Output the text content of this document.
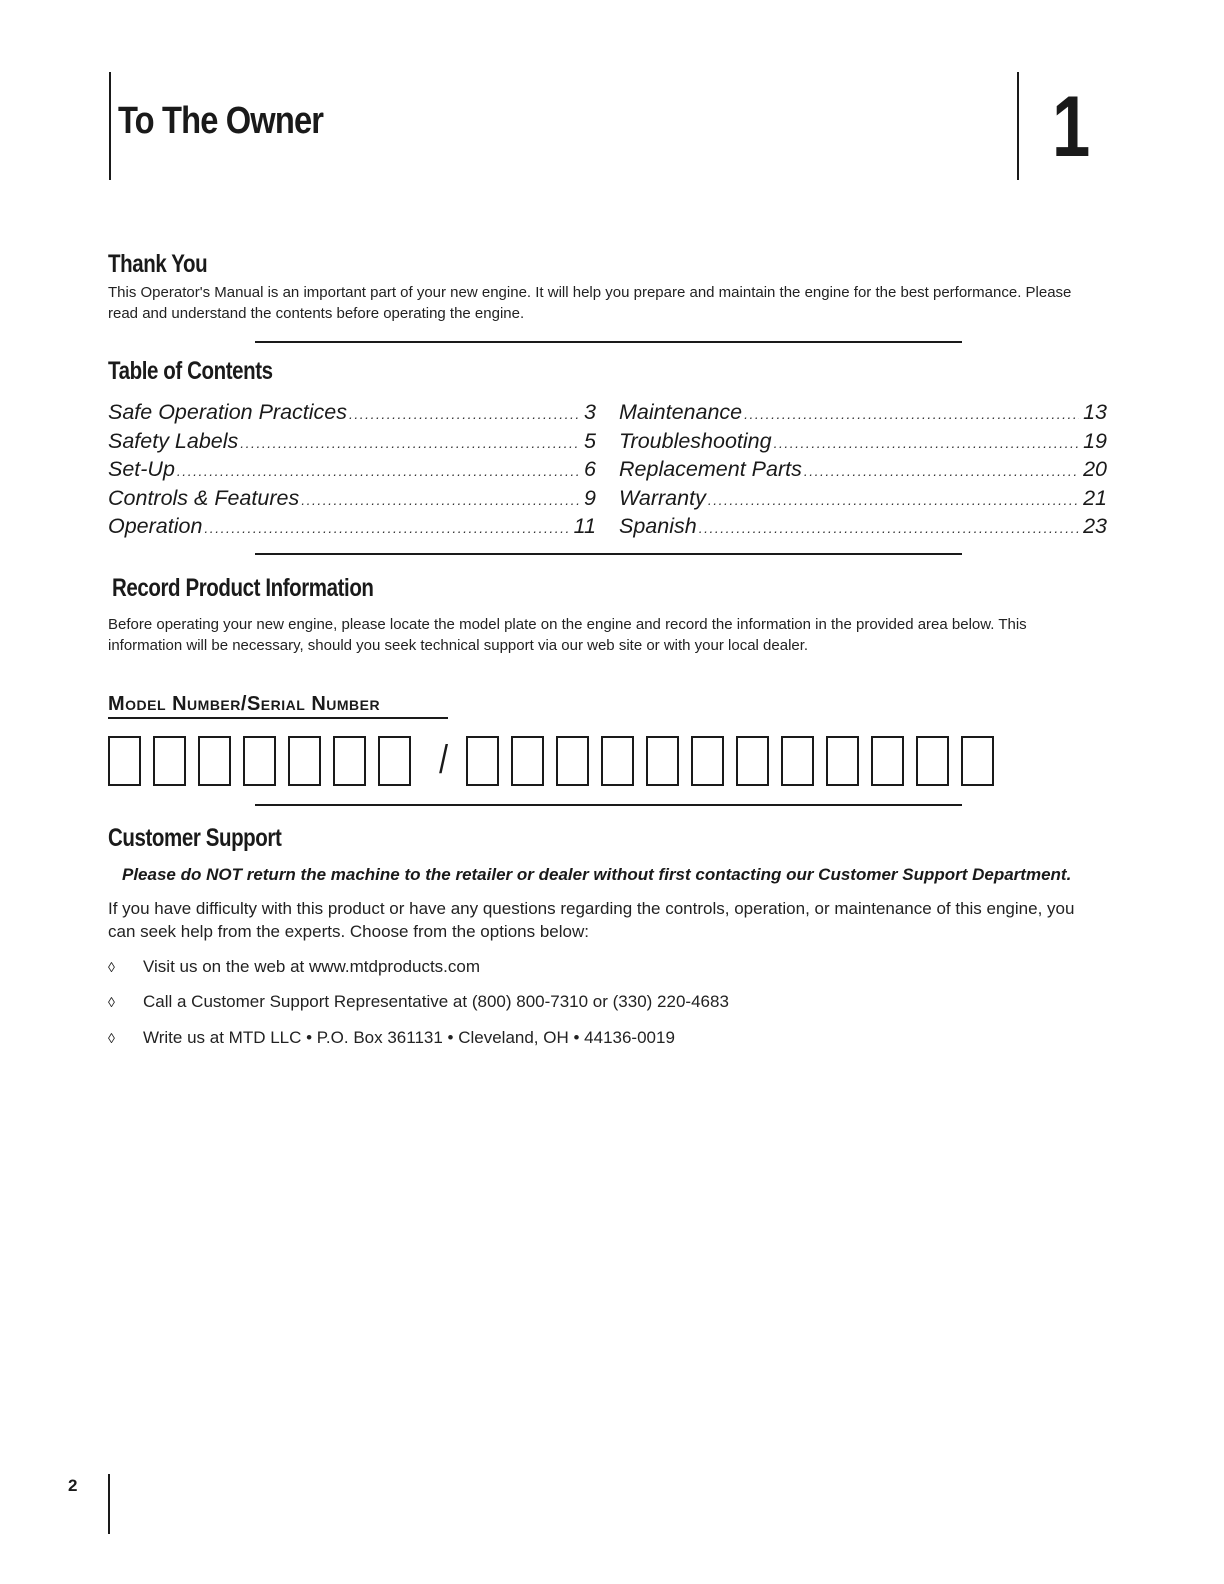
To The Owner	1
Thank You
This Operator's Manual is an important part of your new engine. It will help you prepare and maintain the engine for the best performance. Please read and understand the contents before operating the engine.
Table of Contents
Safe Operation Practices .....	3
Safety Labels .....	5
Set-Up .....	6
Controls & Features .....	9
Operation .....	11
Maintenance .....	13
Troubleshooting .....	19
Replacement Parts .....	20
Warranty .....	21
Spanish .....	23
Record Product Information
Before operating your new engine, please locate the model plate on the engine and record the information in the provided area below. This information will be necessary, should you seek technical support via our web site or with your local dealer.
Model Number/Serial Number
/
Customer Support
Please do NOT return the machine to the retailer or dealer without first contacting our Customer Support Department.
If you have difficulty with this product or have any questions regarding the controls, operation, or maintenance of this engine, you can seek help from the experts. Choose from the options below:
◊ Visit us on the web at www.mtdproducts.com
◊ Call a Customer Support Representative at (800) 800-7310 or (330) 220-4683
◊ Write us at MTD LLC • P.O. Box 361131 • Cleveland, OH • 44136-0019
2
